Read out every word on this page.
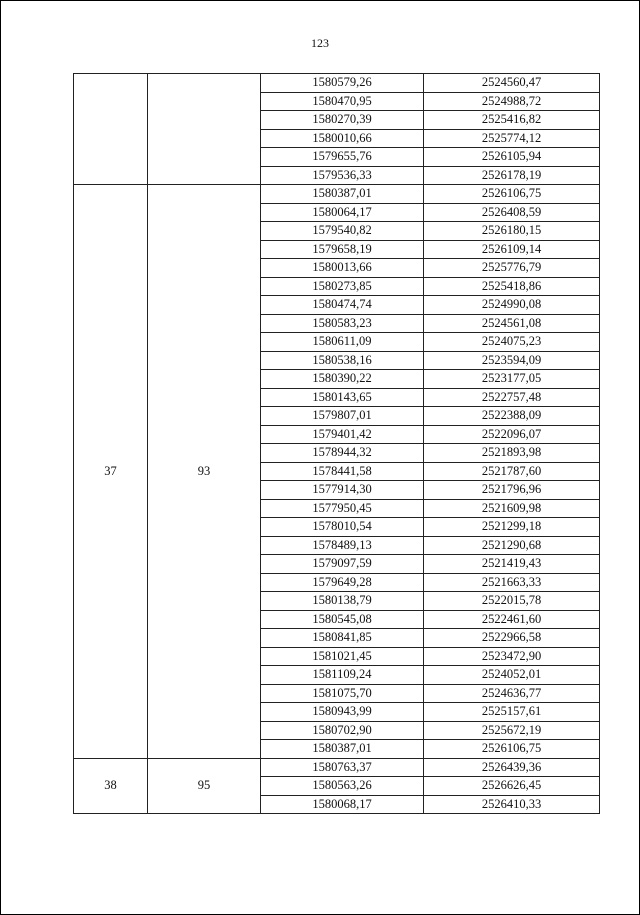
123
		1580579,26	2524560,47
		1580470,95	2524988,72
		1580270,39	2525416,82
		1580010,66	2525774,12
		1579655,76	2526105,94
		1579536,33	2526178,19
37	93	1580387,01	2526106,75
		1580064,17	2526408,59
		1579540,82	2526180,15
		1579658,19	2526109,14
		1580013,66	2525776,79
		1580273,85	2525418,86
		1580474,74	2524990,08
		1580583,23	2524561,08
		1580611,09	2524075,23
		1580538,16	2523594,09
		1580390,22	2523177,05
		1580143,65	2522757,48
		1579807,01	2522388,09
		1579401,42	2522096,07
		1578944,32	2521893,98
		1578441,58	2521787,60
		1577914,30	2521796,96
		1577950,45	2521609,98
		1578010,54	2521299,18
		1578489,13	2521290,68
		1579097,59	2521419,43
		1579649,28	2521663,33
		1580138,79	2522015,78
		1580545,08	2522461,60
		1580841,85	2522966,58
		1581021,45	2523472,90
		1581109,24	2524052,01
		1581075,70	2524636,77
		1580943,99	2525157,61
		1580702,90	2525672,19
		1580387,01	2526106,75
38	95	1580763,37	2526439,36
		1580563,26	2526626,45
		1580068,17	2526410,33
